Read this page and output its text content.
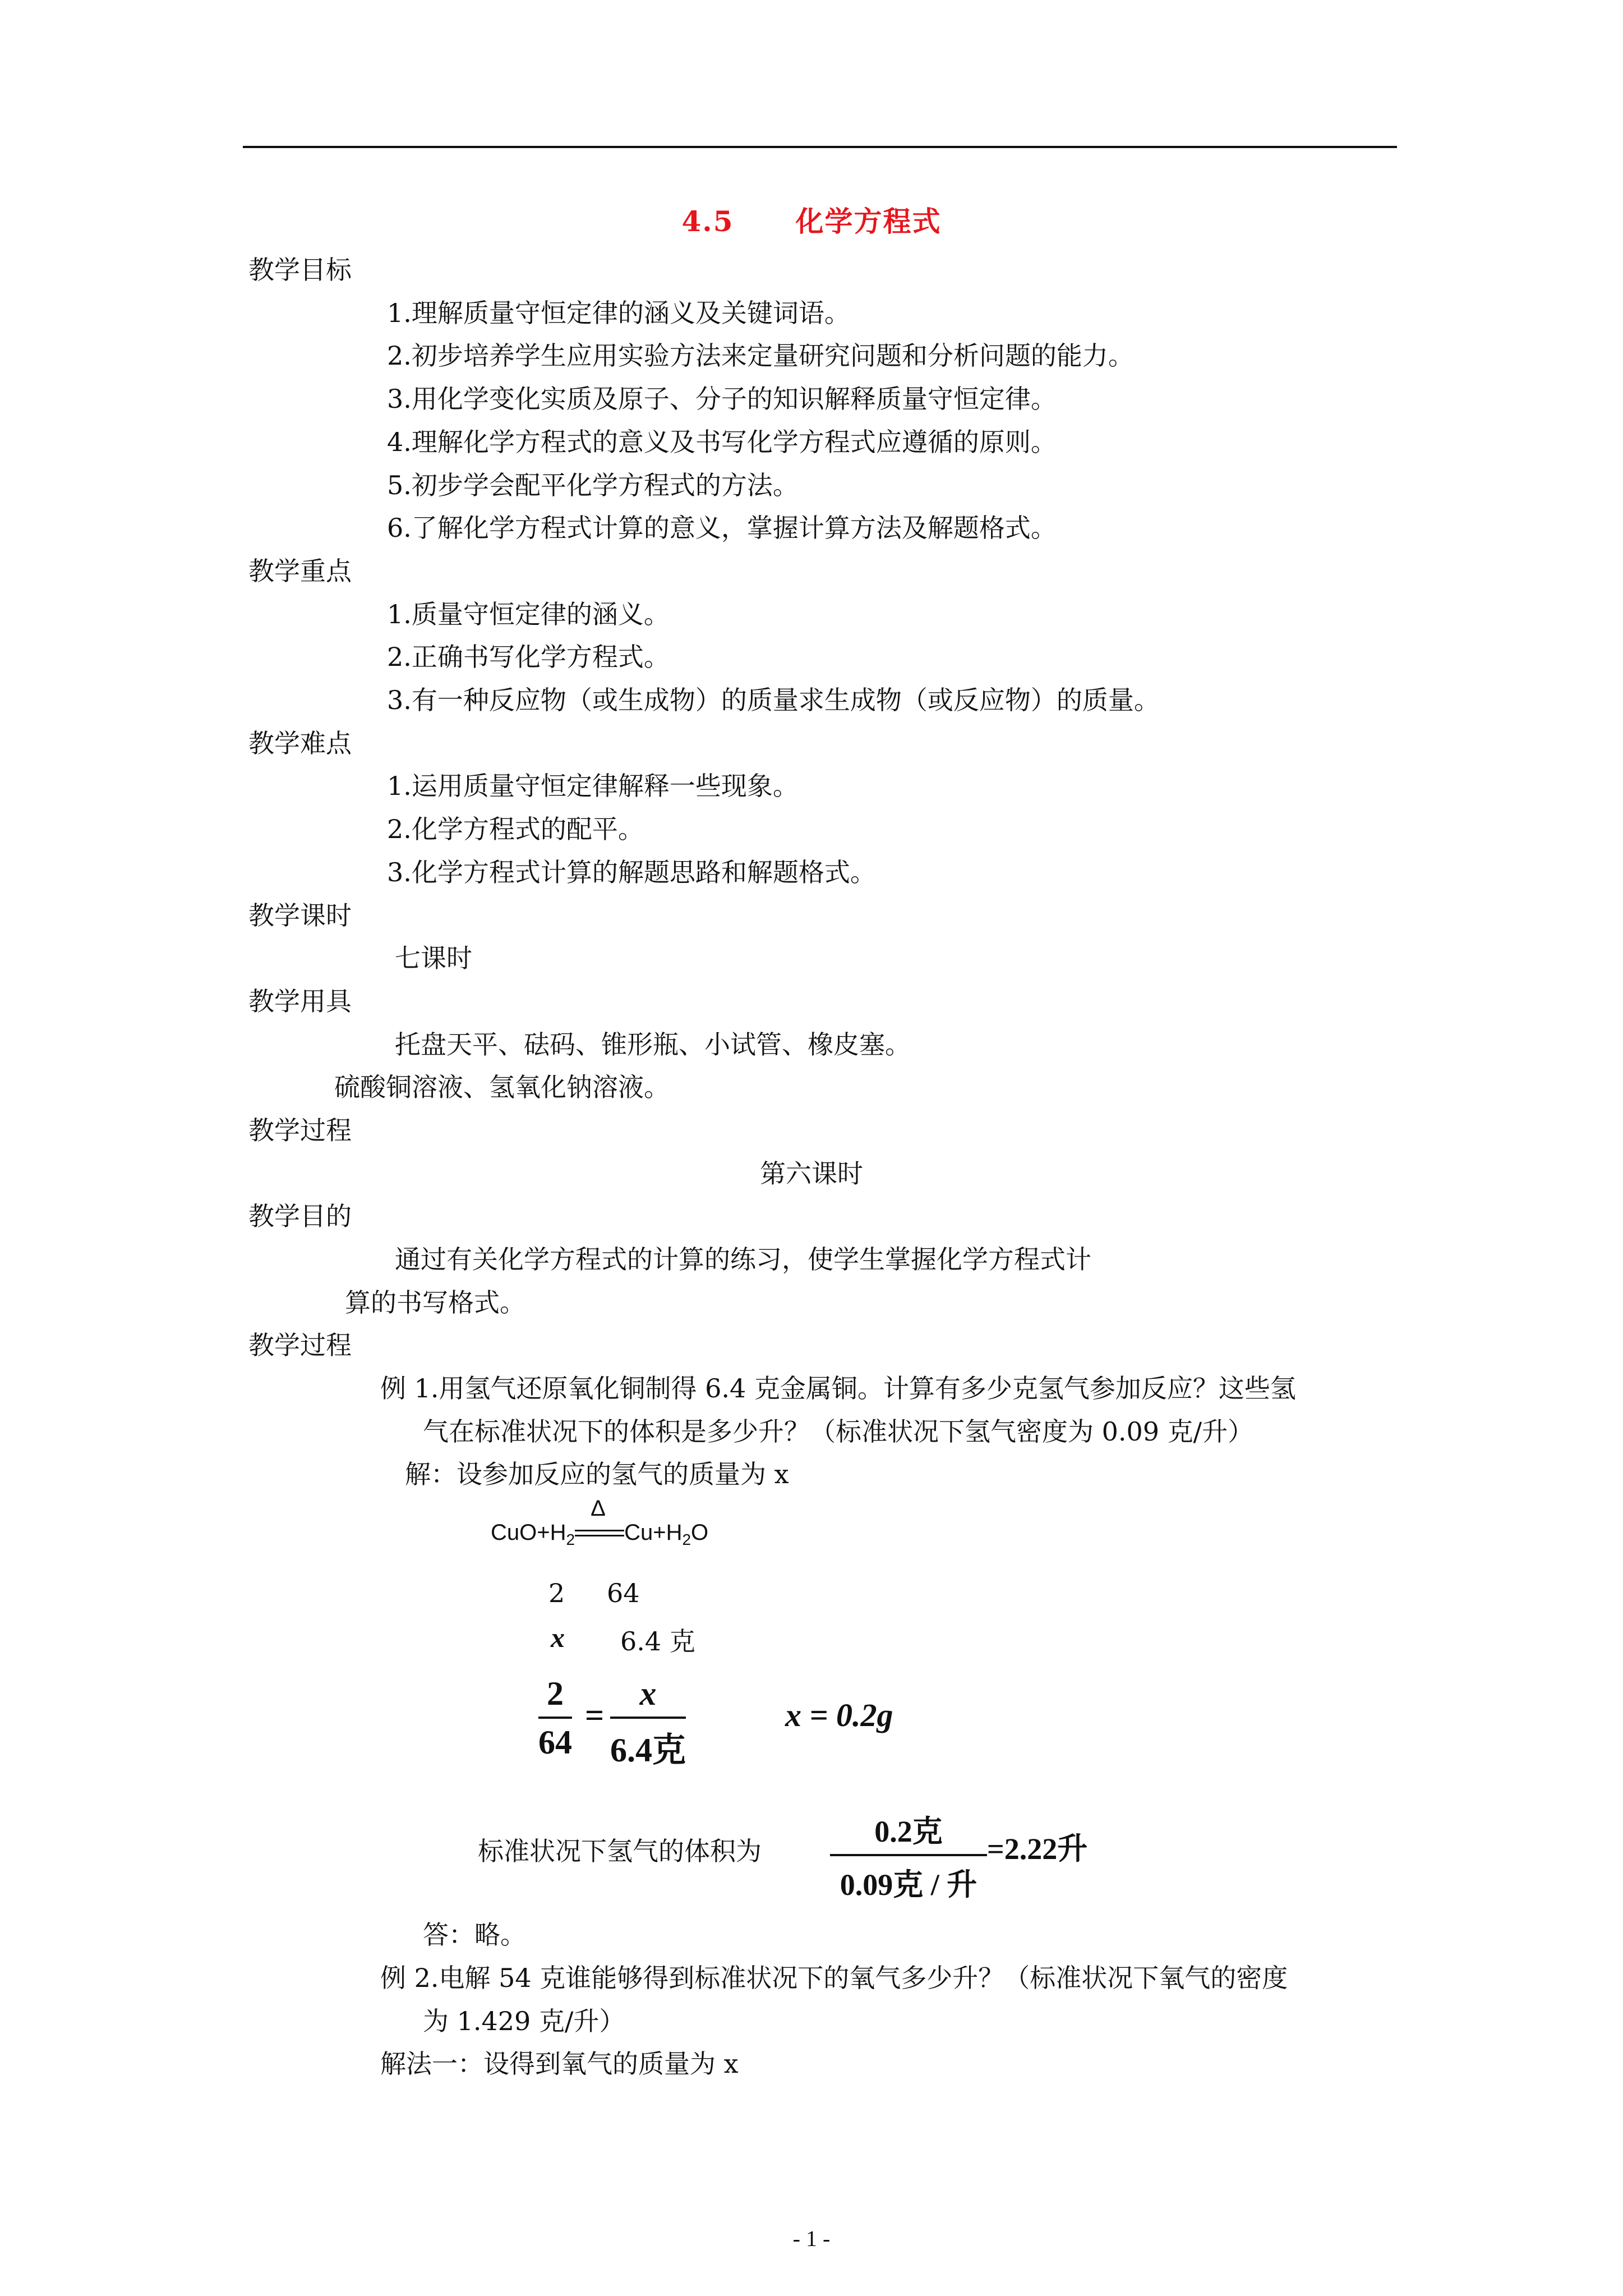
4.5 化学方程式
教学目标
1.理解质量守恒定律的涵义及关键词语。
2.初步培养学生应用实验方法来定量研究问题和分析问题的能力。
3.用化学变化实质及原子、分子的知识解释质量守恒定律。
4.理解化学方程式的意义及书写化学方程式应遵循的原则。
5.初步学会配平化学方程式的方法。
6.了解化学方程式计算的意义，掌握计算方法及解题格式。
教学重点
1.质量守恒定律的涵义。
2.正确书写化学方程式。
3.有一种反应物（或生成物）的质量求生成物（或反应物）的质量。
教学难点
1.运用质量守恒定律解释一些现象。
2.化学方程式的配平。
3.化学方程式计算的解题思路和解题格式。
教学课时
七课时
教学用具
托盘天平、砝码、锥形瓶、小试管、橡皮塞。
硫酸铜溶液、氢氧化钠溶液。
教学过程
第六课时
教学目的
通过有关化学方程式的计算的练习，使学生掌握化学方程式计
算的书写格式。
教学过程
例 1.用氢气还原氧化铜制得 6.4 克金属铜。计算有多少克氢气参加反应？这些氢
气在标准状况下的体积是多少升？（标准状况下氢气密度为 0.09 克/升）
解：设参加反应的氢气的质量为 x
$CuO+H_2$
Δ
$Cu+H_2O$
2 64
x 6.4 克
2
64
=
x
6.4克
x = 0.2g
标准状况下氢气的体积为
0.2克
0.09克 / 升
=2.22升
答：略。
例 2.电解 54 克谁能够得到标准状况下的氧气多少升？（标准状况下氧气的密度
为 1.429 克/升）
解法一：设得到氧气的质量为 x
- 1 -
